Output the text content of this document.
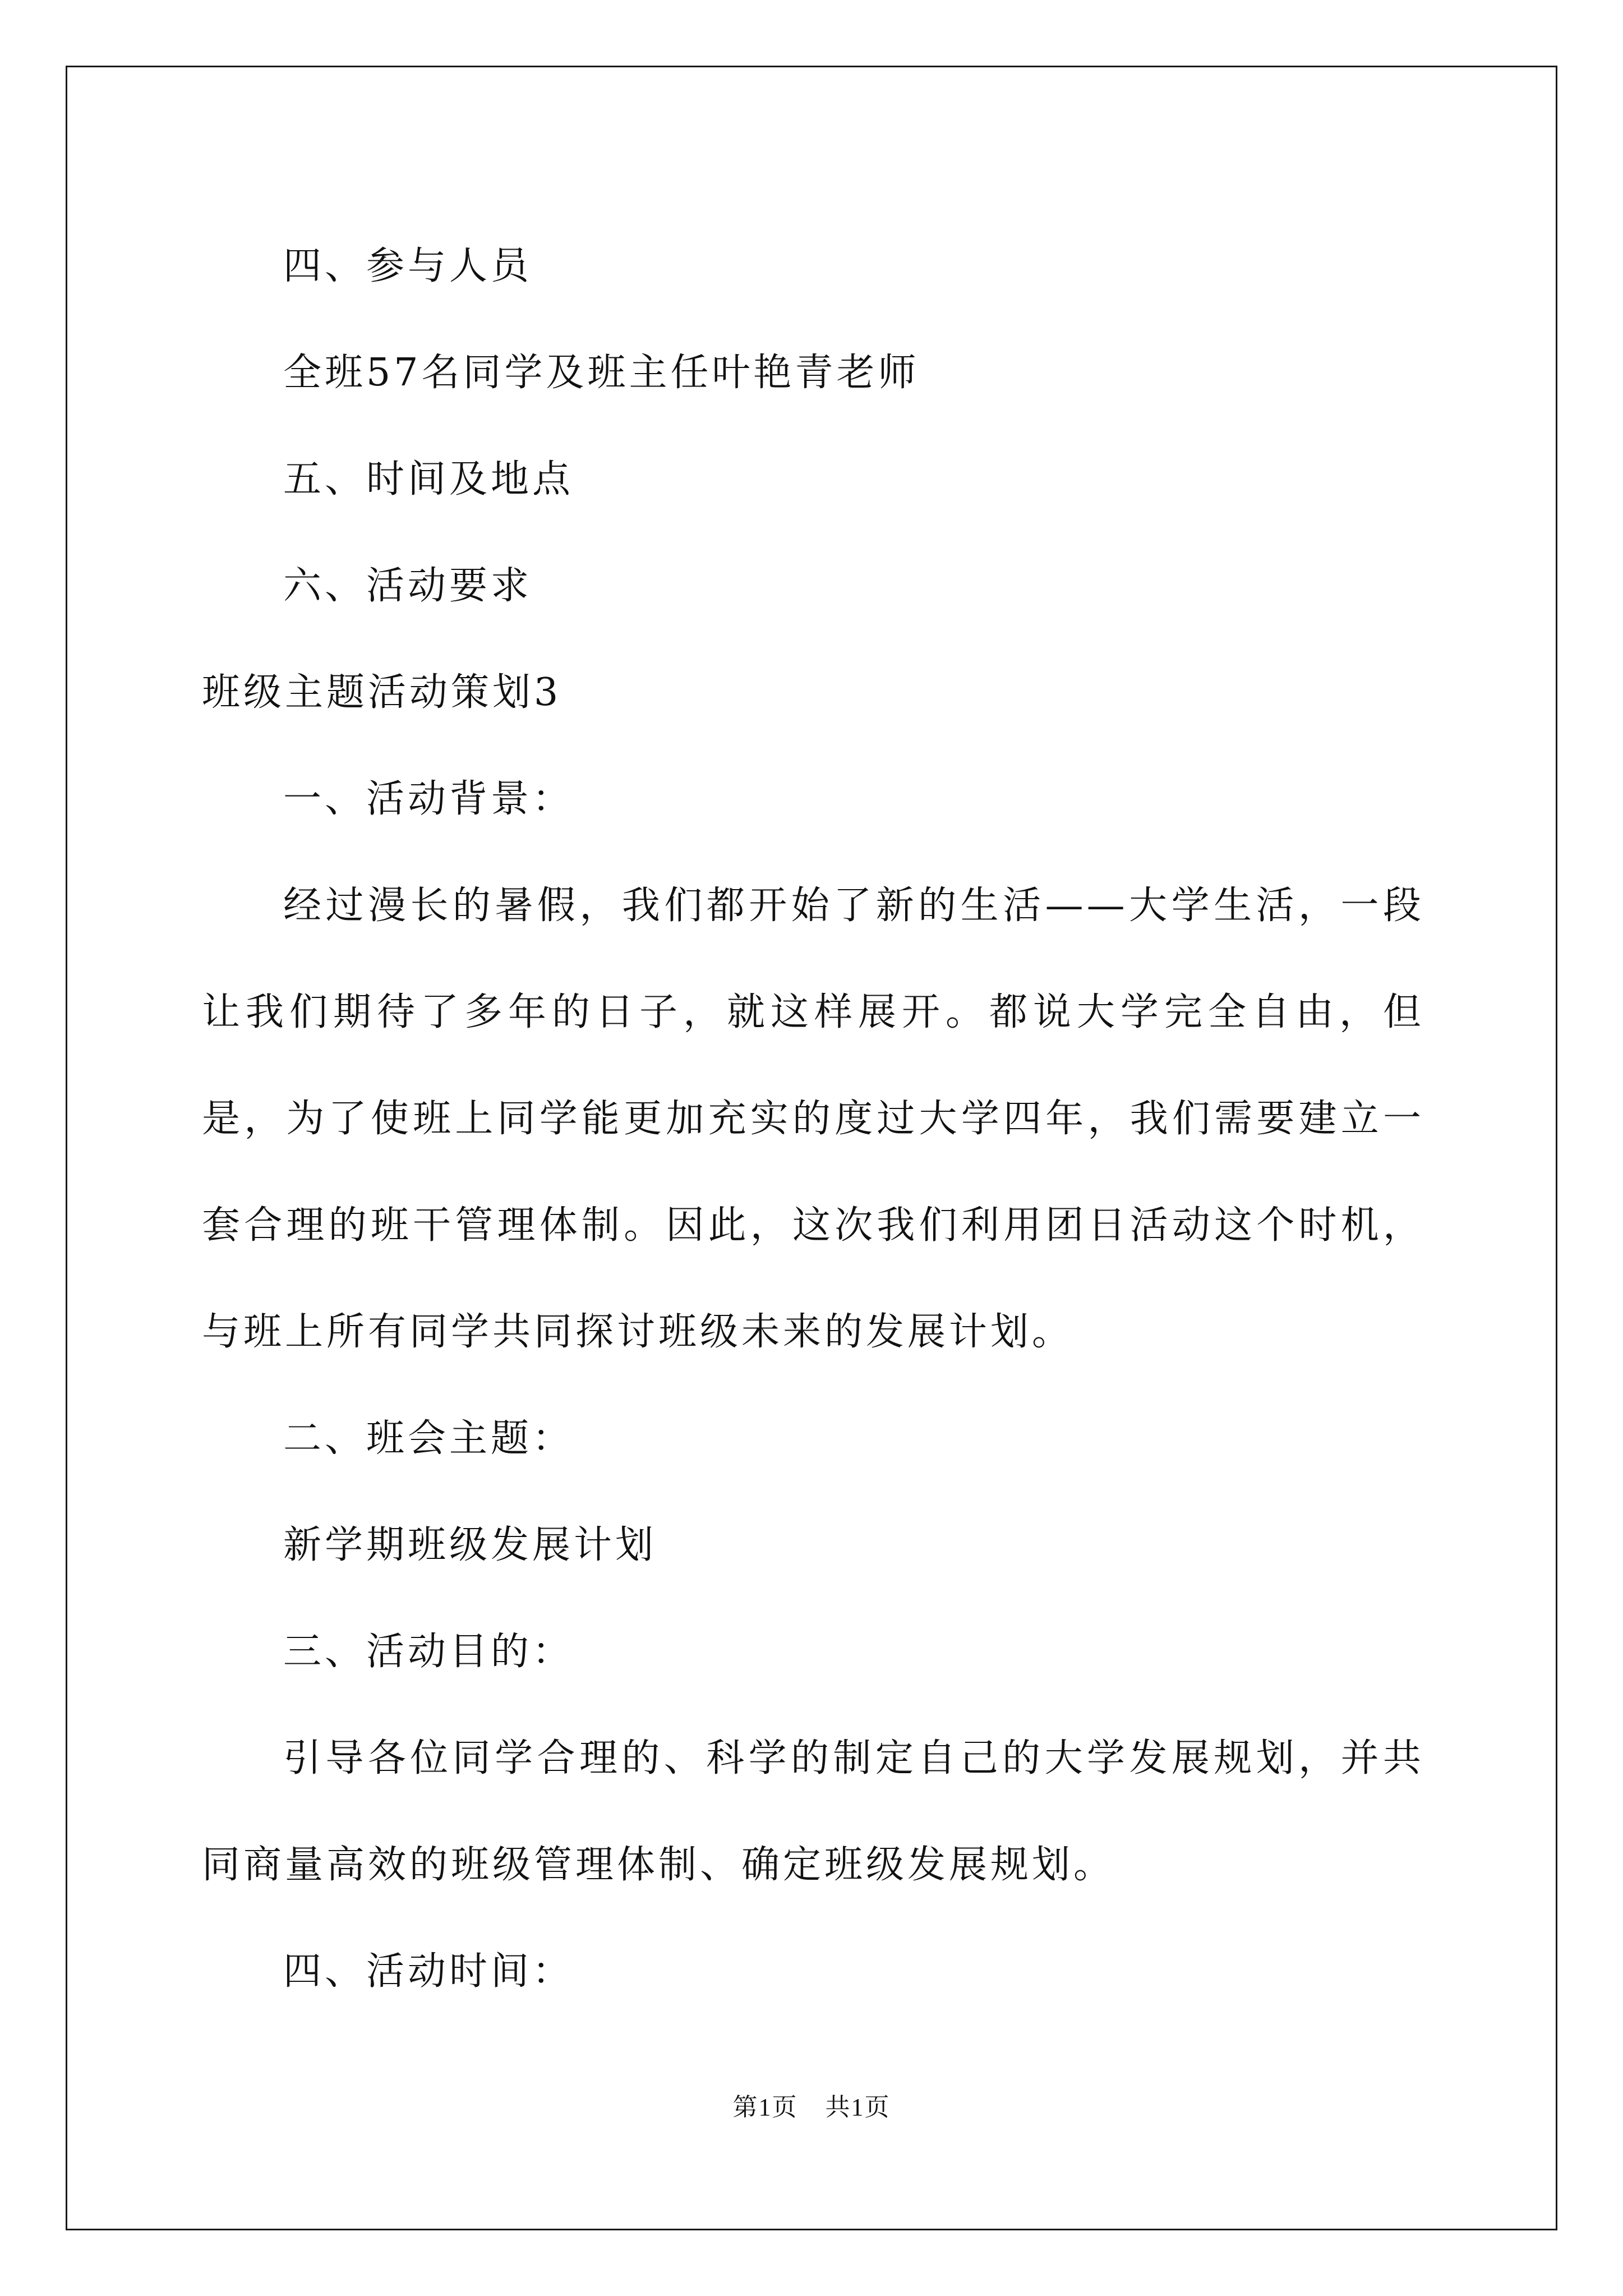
四、参与人员

全班57名同学及班主任叶艳青老师

五、时间及地点

六、活动要求

班级主题活动策划3

一、活动背景：

经过漫长的暑假，我们都开始了新的生活——大学生活，一段让我们期待了多年的日子，就这样展开。都说大学完全自由，但是，为了使班上同学能更加充实的度过大学四年，我们需要建立一套合理的班干管理体制。因此，这次我们利用团日活动这个时机，与班上所有同学共同探讨班级未来的发展计划。

二、班会主题：

新学期班级发展计划

三、活动目的：

引导各位同学合理的、科学的制定自己的大学发展规划，并共同商量高效的班级管理体制、确定班级发展规划。

四、活动时间：

第1页 共1页
